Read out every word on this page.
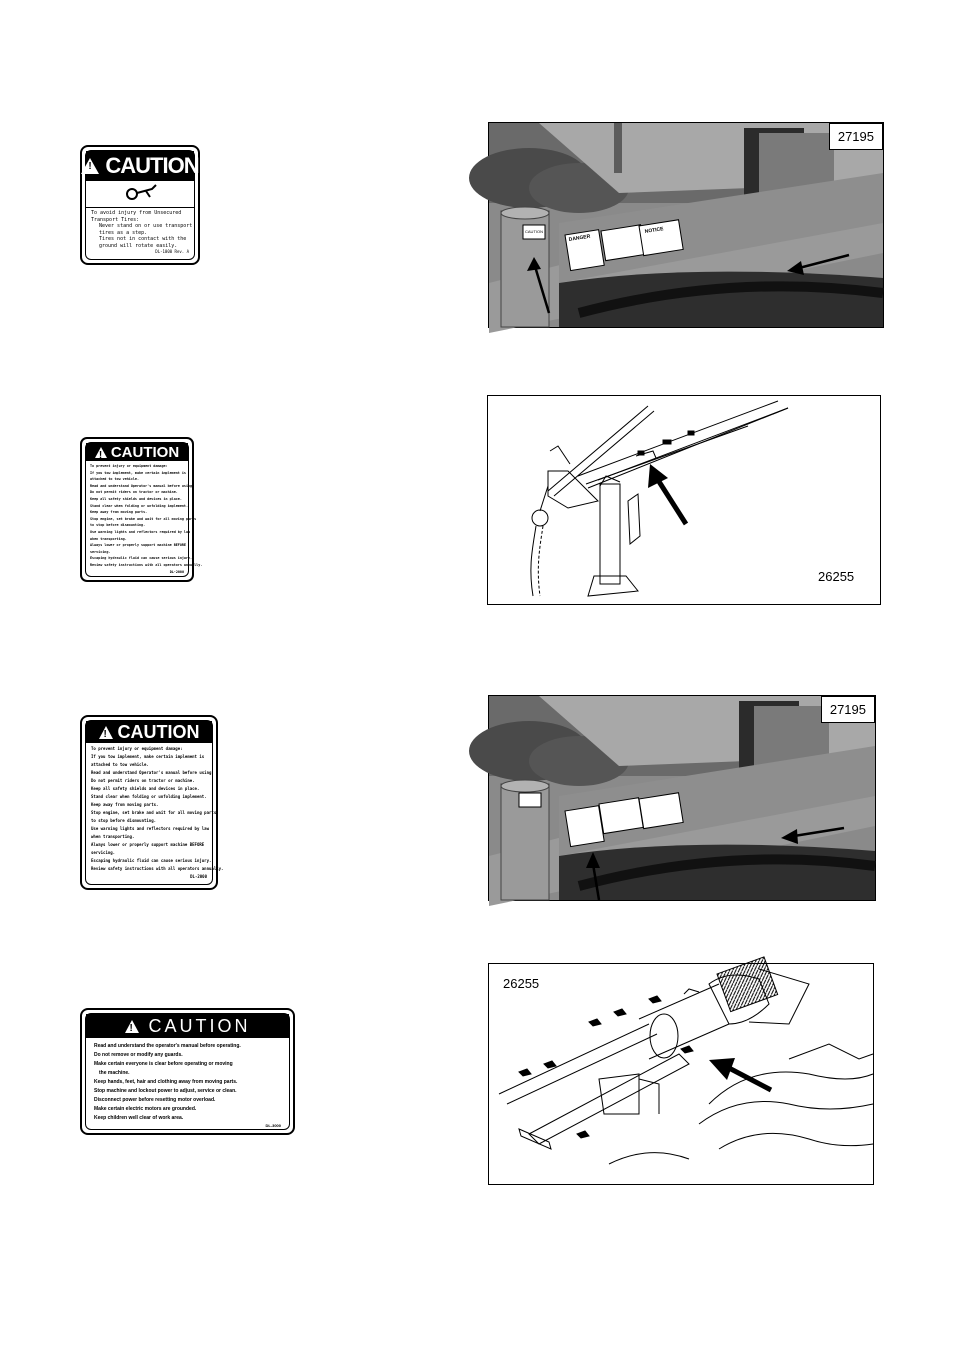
!
CAUTION
To avoid injury from Unsecured
Transport Tires:
Never stand on or use transport
tires as a step.
Tires not in contact with the
ground will rotate easily.
DL-1000 Rev. A
!
CAUTION
To prevent injury or equipment damage:
If you tow implement, make certain implement is
attached to tow vehicle.
Read and understand Operator's manual before using.
Do not permit riders on tractor or machine.
Keep all safety shields and devices in place.
Stand clear when folding or unfolding implement.
Keep away from moving parts.
Stop engine, set brake and wait for all moving parts
to stop before dismounting.
Use warning lights and reflectors required by law
when transporting.
Always lower or properly support machine BEFORE
servicing.
Escaping hydraulic fluid can cause serious injury.
Review safety instructions with all operators annually.
DL-2000
!
CAUTION
To prevent injury or equipment damage:
If you tow implement, make certain implement is
attached to tow vehicle.
Read and understand Operator's manual before using.
Do not permit riders on tractor or machine.
Keep all safety shields and devices in place.
Stand clear when folding or unfolding implement.
Keep away from moving parts.
Stop engine, set brake and wait for all moving parts
to stop before dismounting.
Use warning lights and reflectors required by law
when transporting.
Always lower or properly support machine BEFORE
servicing.
Escaping hydraulic fluid can cause serious injury.
Review safety instructions with all operators annually.
DL-2000
!
CAUTION
Read and understand the operator's manual before operating.
Do not remove or modify any guards.
Make certain everyone is clear before operating or moving
the machine.
Keep hands, feet, hair and clothing away from moving parts.
Stop machine and lockout power to adjust, service or clean.
Disconnect power before resetting motor overload.
Make certain electric motors are grounded.
Keep children well clear of work area.
DL-3000
CAUTION
DANGER
NOTICE
27195
26255
27195
26255
